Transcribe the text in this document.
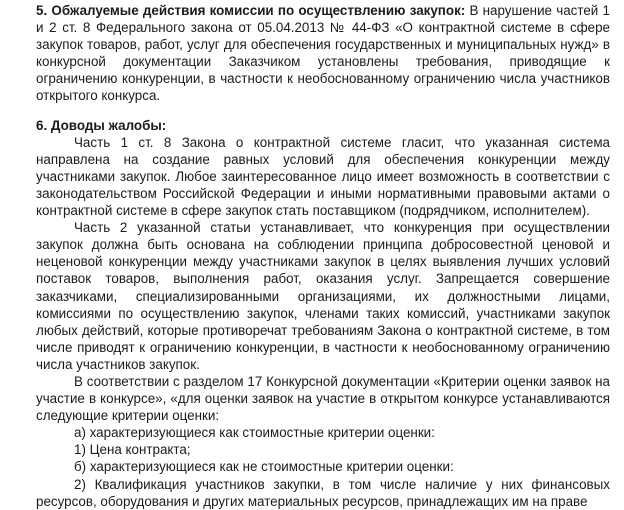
5. Обжалуемые действия комиссии по осуществлению закупок: В нарушение частей 1 и 2 ст. 8 Федерального закона от 05.04.2013 № 44-ФЗ «О контрактной системе в сфере закупок товаров, работ, услуг для обеспечения государственных и муниципальных нужд» в конкурсной документации Заказчиком установлены требования, приводящие к ограничению конкуренции, в частности к необоснованному ограничению числа участников открытого конкурса.

6. Доводы жалобы:

Часть 1 ст. 8 Закона о контрактной системе гласит, что указанная система направлена на создание равных условий для обеспечения конкуренции между участниками закупок. Любое заинтересованное лицо имеет возможность в соответствии с законодательством Российской Федерации и иными нормативными правовыми актами о контрактной системе в сфере закупок стать поставщиком (подрядчиком, исполнителем).

Часть 2 указанной статьи устанавливает, что конкуренция при осуществлении закупок должна быть основана на соблюдении принципа добросовестной ценовой и неценовой конкуренции между участниками закупок в целях выявления лучших условий поставок товаров, выполнения работ, оказания услуг. Запрещается совершение заказчиками, специализированными организациями, их должностными лицами, комиссиями по осуществлению закупок, членами таких комиссий, участниками закупок любых действий, которые противоречат требованиям Закона о контрактной системе, в том числе приводят к ограничению конкуренции, в частности к необоснованному ограничению числа участников закупок.

В соответствии с разделом 17 Конкурсной документации «Критерии оценки заявок на участие в конкурсе», «для оценки заявок на участие в открытом конкурсе устанавливаются следующие критерии оценки:

а) характеризующиеся как стоимостные критерии оценки:

1) Цена контракта;

б) характеризующиеся как не стоимостные критерии оценки:

2) Квалификация участников закупки, в том числе наличие у них финансовых ресурсов, оборудования и других материальных ресурсов, принадлежащих им на праве
